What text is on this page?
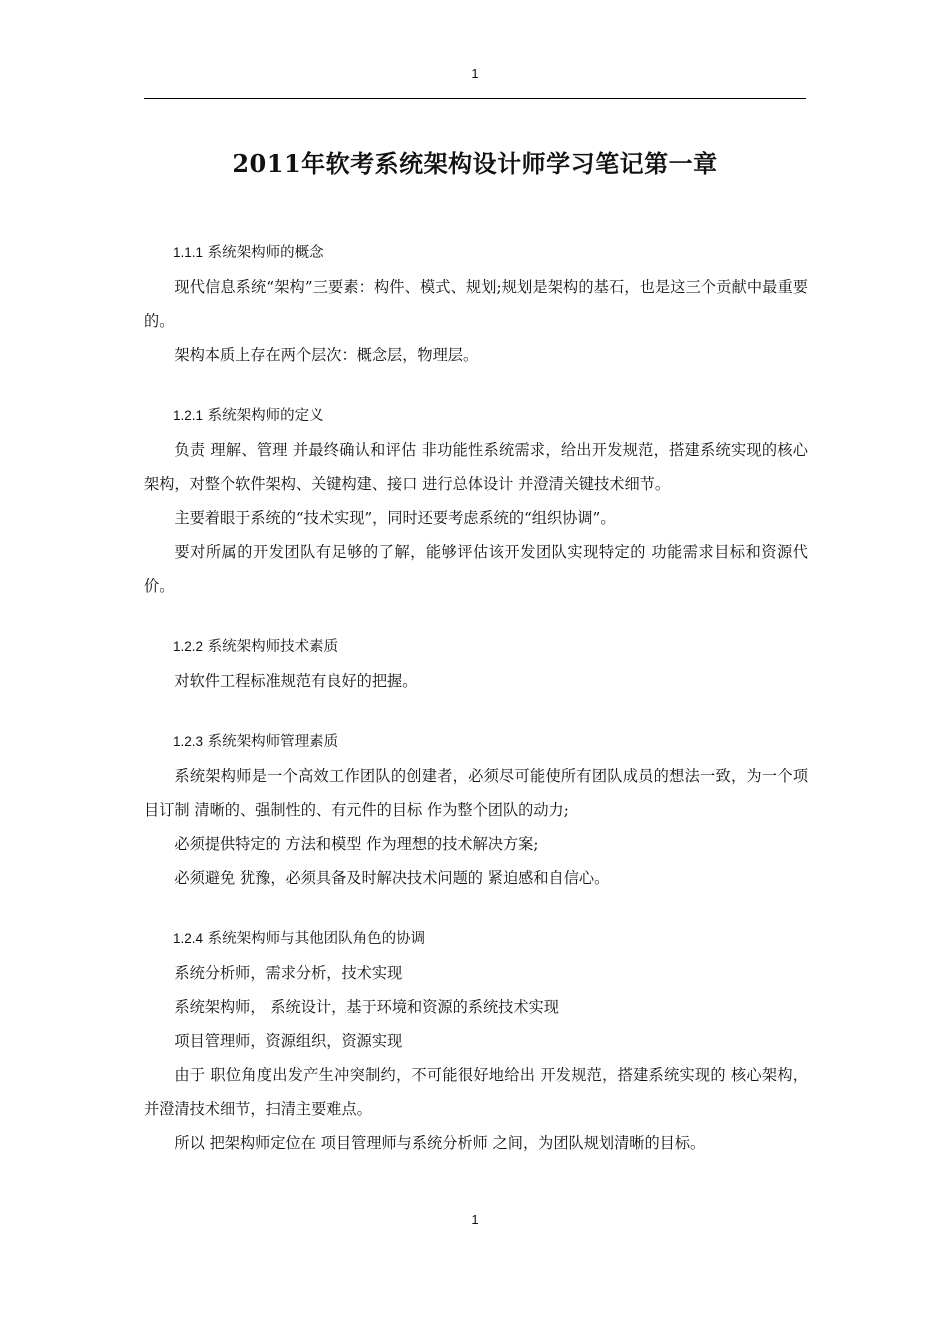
1
2011年软考系统架构设计师学习笔记第一章

1.1.1 系统架构师的概念

现代信息系统“架构”三要素：构件、模式、规划;规划是架构的基石，也是这三个贡献中最重要的。

架构本质上存在两个层次：概念层，物理层。

1.2.1 系统架构师的定义

负责 理解、管理 并最终确认和评估 非功能性系统需求，给出开发规范，搭建系统实现的核心架构，对整个软件架构、关键构建、接口 进行总体设计 并澄清关键技术细节。

主要着眼于系统的“技术实现”，同时还要考虑系统的“组织协调”。

要对所属的开发团队有足够的了解，能够评估该开发团队实现特定的 功能需求目标和资源代价。

1.2.2 系统架构师技术素质

对软件工程标准规范有良好的把握。

1.2.3 系统架构师管理素质

系统架构师是一个高效工作团队的创建者，必须尽可能使所有团队成员的想法一致，为一个项目订制 清晰的、强制性的、有元件的目标 作为整个团队的动力;

必须提供特定的 方法和模型 作为理想的技术解决方案;

必须避免 犹豫，必须具备及时解决技术问题的 紧迫感和自信心。

1.2.4 系统架构师与其他团队角色的协调

系统分析师，需求分析，技术实现

系统架构师， 系统设计，基于环境和资源的系统技术实现

项目管理师，资源组织，资源实现

由于 职位角度出发产生冲突制约，不可能很好地给出 开发规范，搭建系统实现的 核心架构，并澄清技术细节，扫清主要难点。

所以 把架构师定位在 项目管理师与系统分析师 之间，为团队规划清晰的目标。

1
